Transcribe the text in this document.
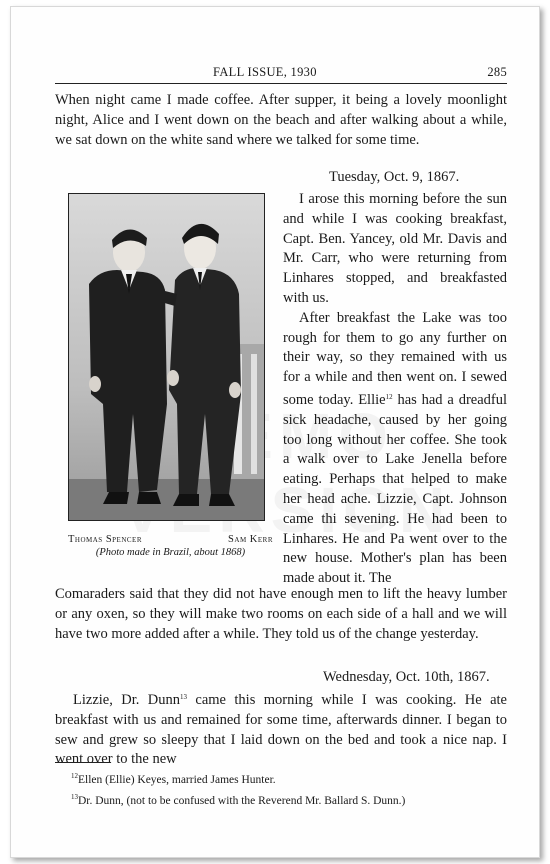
FALL ISSUE, 1930	285

When night came I made coffee. After supper, it being a lovely moonlight night, Alice and I went down on the beach and after walking about a while, we sat down on the white sand where we talked for some time.

Tuesday, Oct. 9, 1867.
Thomas Spencer	Sam Kerr
(Photo made in Brazil, about 1868)

I arose this morning before the sun and while I was cooking breakfast, Capt. Ben. Yancey, old Mr. Davis and Mr. Carr, who were returning from Linhares stopped, and breakfasted with us.

After breakfast the Lake was too rough for them to go any further on their way, so they remained with us for a while and then went on. I sewed some today. Ellie$^{12}$ has had a dreadful sick headache, caused by her going too long without her coffee. She took a walk over to Lake Jenella before eating. Perhaps that helped to make her head ache. Lizzie, Capt. Johnson came thi sevening. He had been to Linhares. He and Pa went over to the new house. Mother's plan has been made about it. The

Comaraders said that they did not have enough men to lift the heavy lumber or any oxen, so they will make two rooms on each side of a hall and we will have two more added after a while. They told us of the change yesterday.

Wednesday, Oct. 10th, 1867.

Lizzie, Dr. Dunn$^{13}$ came this morning while I was cooking. He ate breakfast with us and remained for some time, afterwards dinner. I began to sew and grew so sleepy that I laid down on the bed and took a nice nap. I went over to the new

$^{12}$Ellen (Ellie) Keyes, married James Hunter.

$^{13}$Dr. Dunn, (not to be confused with the Reverend Mr. Ballard S. Dunn.)
